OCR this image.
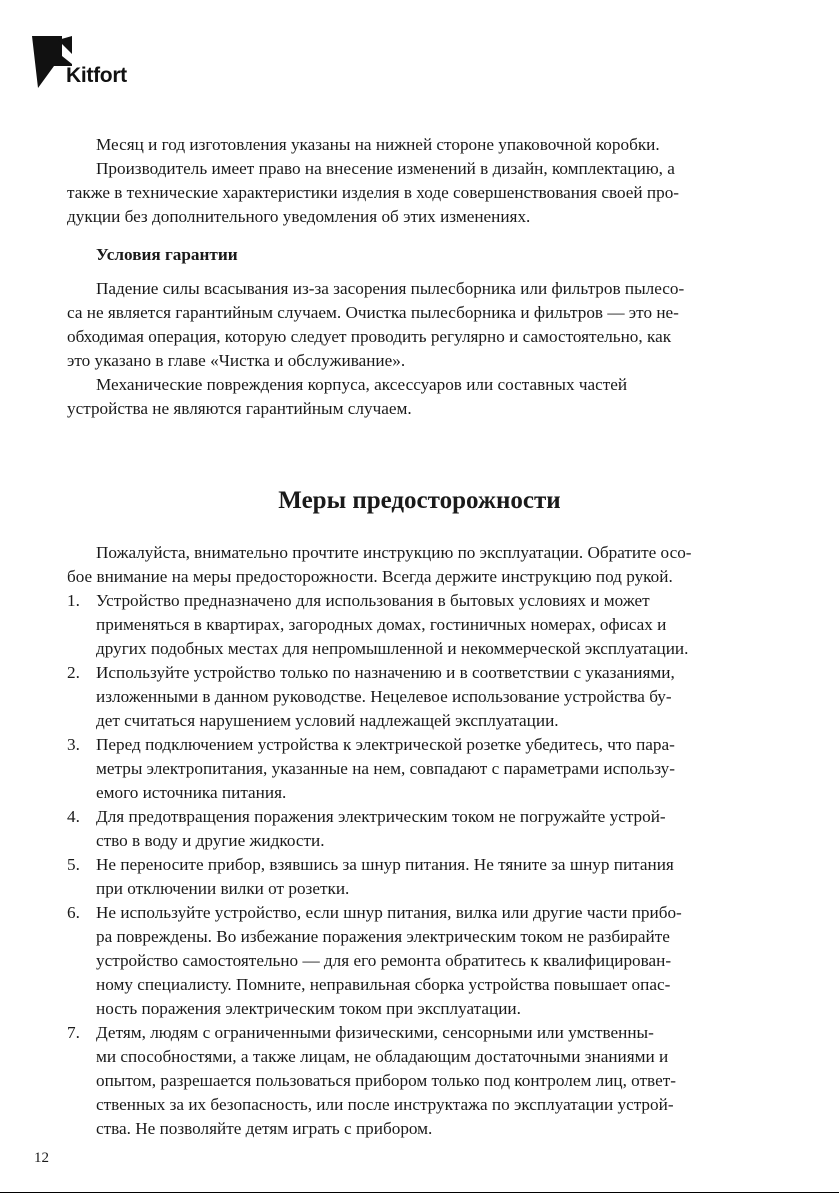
Kitfort
Месяц и год изготовления указаны на нижней стороне упаковочной коробки.
Производитель имеет право на внесение изменений в дизайн, комплектацию, а
также в технические характеристики изделия в ходе совершенствования своей про-
дукции без дополнительного уведомления об этих изменениях.
Условия гарантии
Падение силы всасывания из-за засорения пылесборника или фильтров пылесо-
са не является гарантийным случаем. Очистка пылесборника и фильтров — это не-
обходимая операция, которую следует проводить регулярно и самостоятельно, как
это указано в главе «Чистка и обслуживание».
Механические повреждения корпуса, аксессуаров или составных частей
устройства не являются гарантийным случаем.
Меры предосторожности
Пожалуйста, внимательно прочтите инструкцию по эксплуатации. Обратите осо-
бое внимание на меры предосторожности. Всегда держите инструкцию под рукой.
1. Устройство предназначено для использования в бытовых условиях и может
применяться в квартирах, загородных домах, гостиничных номерах, офисах и
других подобных местах для непромышленной и некоммерческой эксплуатации.
2. Используйте устройство только по назначению и в соответствии с указаниями,
изложенными в данном руководстве. Нецелевое использование устройства бу-
дет считаться нарушением условий надлежащей эксплуатации.
3. Перед подключением устройства к электрической розетке убедитесь, что пара-
метры электропитания, указанные на нем, совпадают с параметрами использу-
емого источника питания.
4. Для предотвращения поражения электрическим током не погружайте устрой-
ство в воду и другие жидкости.
5. Не переносите прибор, взявшись за шнур питания. Не тяните за шнур питания
при отключении вилки от розетки.
6. Не используйте устройство, если шнур питания, вилка или другие части прибо-
ра повреждены. Во избежание поражения электрическим током не разбирайте
устройство самостоятельно — для его ремонта обратитесь к квалифицирован-
ному специалисту. Помните, неправильная сборка устройства повышает опас-
ность поражения электрическим током при эксплуатации.
7. Детям, людям с ограниченными физическими, сенсорными или умственны-
ми способностями, а также лицам, не обладающим достаточными знаниями и
опытом, разрешается пользоваться прибором только под контролем лиц, ответ-
ственных за их безопасность, или после инструктажа по эксплуатации устрой-
ства. Не позволяйте детям играть с прибором.
12
